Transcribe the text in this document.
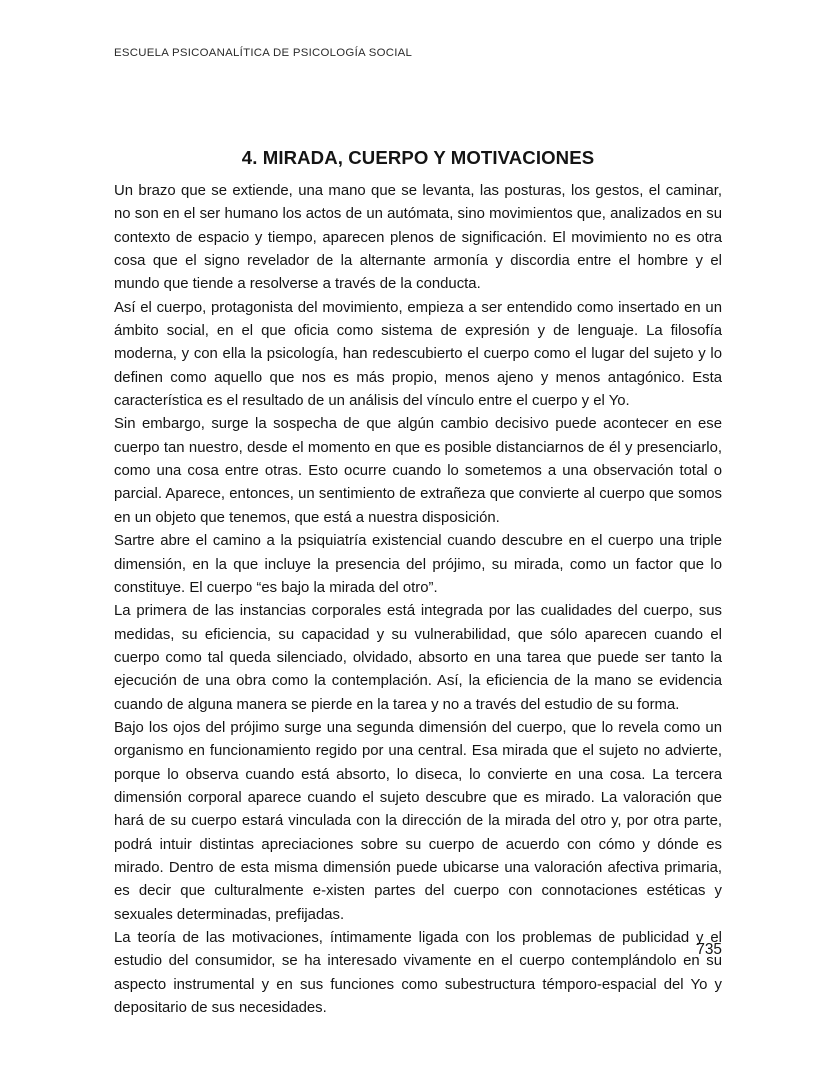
ESCUELA PSICOANALÍTICA DE PSICOLOGÍA SOCIAL
4. MIRADA, CUERPO Y MOTIVACIONES

Un brazo que se extiende, una mano que se levanta, las posturas, los gestos, el caminar, no son en el ser humano los actos de un autómata, sino movimientos que, analizados en su contexto de espacio y tiempo, aparecen plenos de significación. El movimiento no es otra cosa que el signo revelador de la alternante armonía y discordia entre el hombre y el mundo que tiende a resolverse a través de la conducta.

Así el cuerpo, protagonista del movimiento, empieza a ser entendido como insertado en un ámbito social, en el que oficia como sistema de expresión y de lenguaje. La filosofía moderna, y con ella la psicología, han redescubierto el cuerpo como el lugar del sujeto y lo definen como aquello que nos es más propio, menos ajeno y menos antagónico. Esta característica es el resultado de un análisis del vínculo entre el cuerpo y el Yo.

Sin embargo, surge la sospecha de que algún cambio decisivo puede acontecer en ese cuerpo tan nuestro, desde el momento en que es posible distanciarnos de él y presenciarlo, como una cosa entre otras. Esto ocurre cuando lo sometemos a una observación total o parcial. Aparece, entonces, un sentimiento de extrañeza que convierte al cuerpo que somos en un objeto que tenemos, que está a nuestra disposición.

Sartre abre el camino a la psiquiatría existencial cuando descubre en el cuerpo una triple dimensión, en la que incluye la presencia del prójimo, su mirada, como un factor que lo constituye. El cuerpo “es bajo la mirada del otro”.

La primera de las instancias corporales está integrada por las cualidades del cuerpo, sus medidas, su eficiencia, su capacidad y su vulnerabilidad, que sólo aparecen cuando el cuerpo como tal queda silenciado, olvidado, absorto en una tarea que puede ser tanto la ejecución de una obra como la contemplación. Así, la eficiencia de la mano se evidencia cuando de alguna manera se pierde en la tarea y no a través del estudio de su forma.

Bajo los ojos del prójimo surge una segunda dimensión del cuerpo, que lo revela como un organismo en funcionamiento regido por una central. Esa mirada que el sujeto no advierte, porque lo observa cuando está absorto, lo diseca, lo convierte en una cosa. La tercera dimensión corporal aparece cuando el sujeto descubre que es mirado. La valoración que hará de su cuerpo estará vinculada con la dirección de la mirada del otro y, por otra parte, podrá intuir distintas apreciaciones sobre su cuerpo de acuerdo con cómo y dónde es mirado. Dentro de esta misma dimensión puede ubicarse una valoración afectiva primaria, es decir que culturalmente e-xisten partes del cuerpo con connotaciones estéticas y sexuales determinadas, prefijadas.

La teoría de las motivaciones, íntimamente ligada con los problemas de publicidad y el estudio del consumidor, se ha interesado vivamente en el cuerpo contemplándolo en su aspecto instrumental y en sus funciones como subestructura témporo-espacial del Yo y depositario de sus necesidades.

735
